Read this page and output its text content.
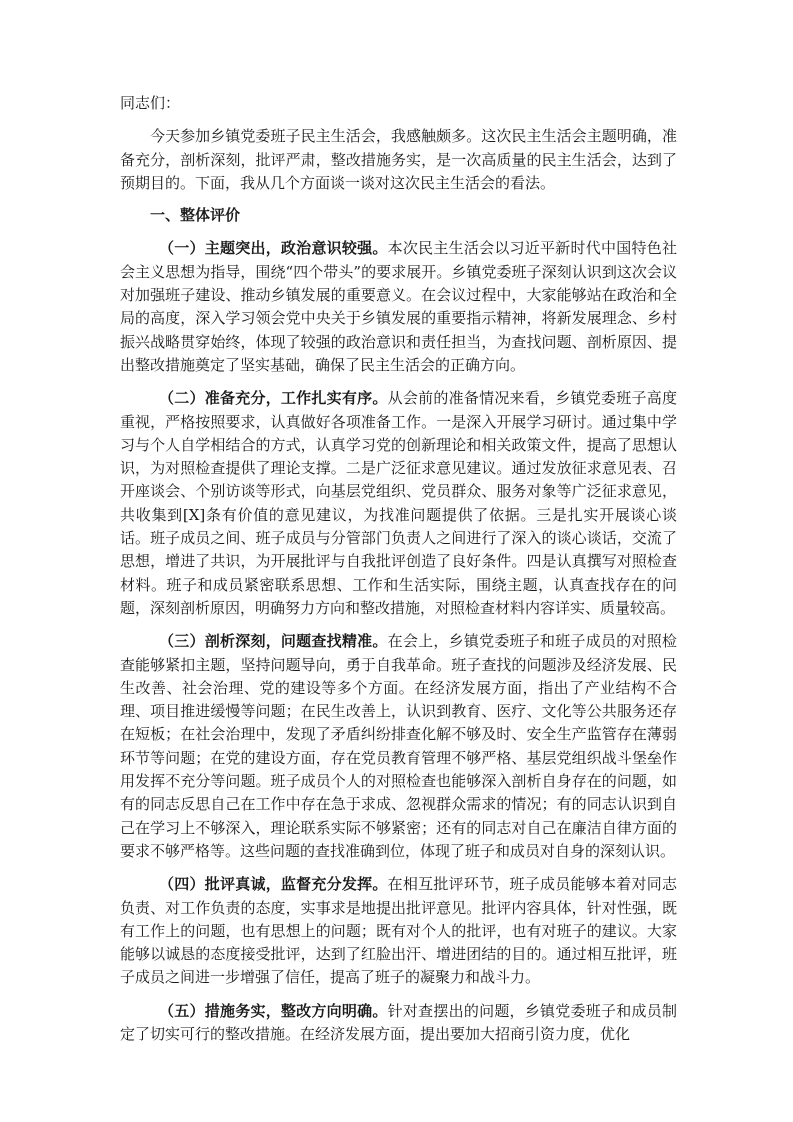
同志们：

今天参加乡镇党委班子民主生活会，我感触颇多。这次民主生活会主题明确，准备充分，剖析深刻，批评严肃，整改措施务实，是一次高质量的民主生活会，达到了预期目的。下面，我从几个方面谈一谈对这次民主生活会的看法。

一、整体评价

（一）主题突出，政治意识较强。本次民主生活会以习近平新时代中国特色社会主义思想为指导，围绕“四个带头”的要求展开。乡镇党委班子深刻认识到这次会议对加强班子建设、推动乡镇发展的重要意义。在会议过程中，大家能够站在政治和全局的高度，深入学习领会党中央关于乡镇发展的重要指示精神，将新发展理念、乡村振兴战略贯穿始终，体现了较强的政治意识和责任担当，为查找问题、剖析原因、提出整改措施奠定了坚实基础，确保了民主生活会的正确方向。

（二）准备充分，工作扎实有序。从会前的准备情况来看，乡镇党委班子高度重视，严格按照要求，认真做好各项准备工作。一是深入开展学习研讨。通过集中学习与个人自学相结合的方式，认真学习党的创新理论和相关政策文件，提高了思想认识，为对照检查提供了理论支撑。二是广泛征求意见建议。通过发放征求意见表、召开座谈会、个别访谈等形式，向基层党组织、党员群众、服务对象等广泛征求意见，共收集到[X]条有价值的意见建议，为找准问题提供了依据。三是扎实开展谈心谈话。班子成员之间、班子成员与分管部门负责人之间进行了深入的谈心谈话，交流了思想，增进了共识，为开展批评与自我批评创造了良好条件。四是认真撰写对照检查材料。班子和成员紧密联系思想、工作和生活实际，围绕主题，认真查找存在的问题，深刻剖析原因，明确努力方向和整改措施，对照检查材料内容详实、质量较高。

（三）剖析深刻，问题查找精准。在会上，乡镇党委班子和班子成员的对照检查能够紧扣主题，坚持问题导向，勇于自我革命。班子查找的问题涉及经济发展、民生改善、社会治理、党的建设等多个方面。在经济发展方面，指出了产业结构不合理、项目推进缓慢等问题；在民生改善上，认识到教育、医疗、文化等公共服务还存在短板；在社会治理中，发现了矛盾纠纷排查化解不够及时、安全生产监管存在薄弱环节等问题；在党的建设方面，存在党员教育管理不够严格、基层党组织战斗堡垒作用发挥不充分等问题。班子成员个人的对照检查也能够深入剖析自身存在的问题，如有的同志反思自己在工作中存在急于求成、忽视群众需求的情况；有的同志认识到自己在学习上不够深入，理论联系实际不够紧密；还有的同志对自己在廉洁自律方面的要求不够严格等。这些问题的查找准确到位，体现了班子和成员对自身的深刻认识。

（四）批评真诚，监督充分发挥。在相互批评环节，班子成员能够本着对同志负责、对工作负责的态度，实事求是地提出批评意见。批评内容具体，针对性强，既有工作上的问题，也有思想上的问题；既有对个人的批评，也有对班子的建议。大家能够以诚恳的态度接受批评，达到了红脸出汗、增进团结的目的。通过相互批评，班子成员之间进一步增强了信任，提高了班子的凝聚力和战斗力。

（五）措施务实，整改方向明确。针对查摆出的问题，乡镇党委班子和成员制定了切实可行的整改措施。在经济发展方面，提出要加大招商引资力度，优化
